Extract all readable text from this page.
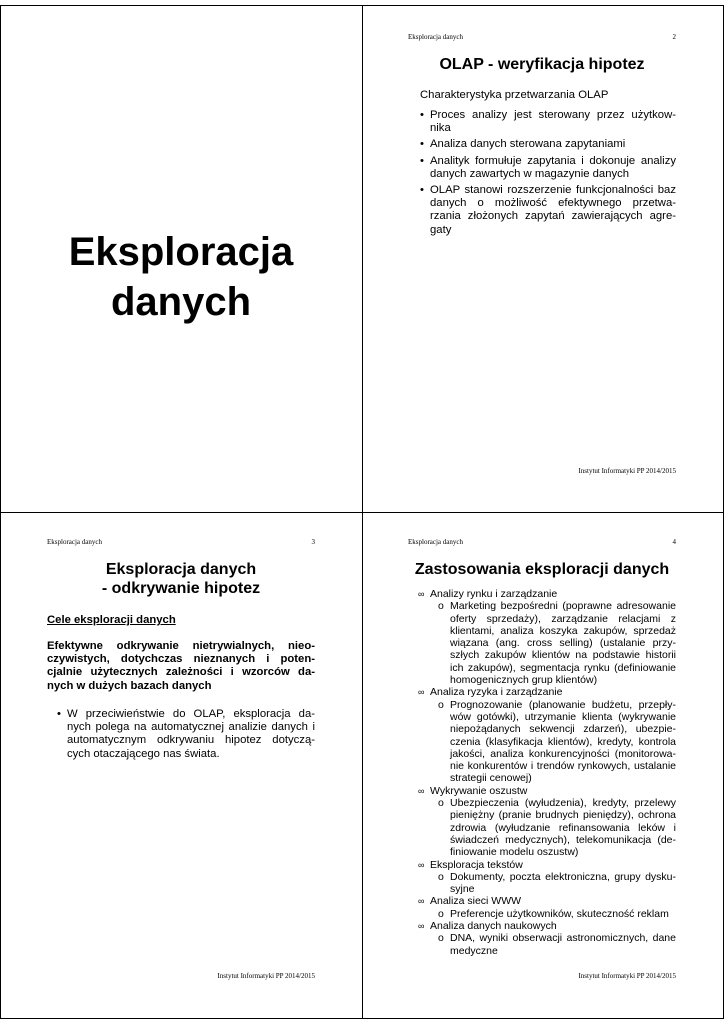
Eksploracja
danych
Eksploracja danych	2
OLAP - weryfikacja hipotez
Charakterystyka przetwarzania OLAP
• Proces analizy jest sterowany przez użytkow- nika
• Analiza danych sterowana zapytaniami
• Analityk formułuje zapytania i dokonuje analizy danych zawartych w magazynie danych
• OLAP stanowi rozszerzenie funkcjonalności baz danych o możliwość efektywnego przetwa- rzania złożonych zapytań zawierających agre- gaty
Instytut Informatyki PP 2014/2015
Eksploracja danych	3
Eksploracja danych
- odkrywanie hipotez
Cele eksploracji danych
Efektywne odkrywanie nietrywialnych, nieo- czywistych, dotychczas nieznanych i poten- cjalnie użytecznych zależności i wzorców da- nych w dużych bazach danych
• W przeciwieństwie do OLAP, eksploracja da- nych polega na automatycznej analizie danych i automatycznym odkrywaniu hipotez dotyczą- cych otaczającego nas świata.
Instytut Informatyki PP 2014/2015
Eksploracja danych	4
Zastosowania eksploracji danych
∞ Analizy rynku i zarządzanie
o Marketing bezpośredni (poprawne adresowanie oferty sprzedaży), zarządzanie relacjami z klientami, analiza koszyka zakupów, sprzedaż wiązana (ang. cross selling) (ustalanie przy- szłych zakupów klientów na podstawie historii ich zakupów), segmentacja rynku (definiowanie homogenicznych grup klientów)
∞ Analiza ryzyka i zarządzanie
o Prognozowanie (planowanie budżetu, przepły- wów gotówki), utrzymanie klienta (wykrywanie niepożądanych sekwencji zdarzeń), ubezpie- czenia (klasyfikacja klientów), kredyty, kontrola jakości, analiza konkurencyjności (monitorowa- nie konkurentów i trendów rynkowych, ustalanie strategii cenowej)
∞ Wykrywanie oszustw
o Ubezpieczenia (wyłudzenia), kredyty, przelewy pieniężny (pranie brudnych pieniędzy), ochrona zdrowia (wyłudzanie refinansowania leków i świadczeń medycznych), telekomunikacja (de- finiowanie modelu oszustw)
∞ Eksploracja tekstów
o Dokumenty, poczta elektroniczna, grupy dysku- syjne
∞ Analiza sieci WWW
o Preferencje użytkowników, skuteczność reklam
∞ Analiza danych naukowych
o DNA, wyniki obserwacji astronomicznych, dane medyczne
Instytut Informatyki PP 2014/2015
